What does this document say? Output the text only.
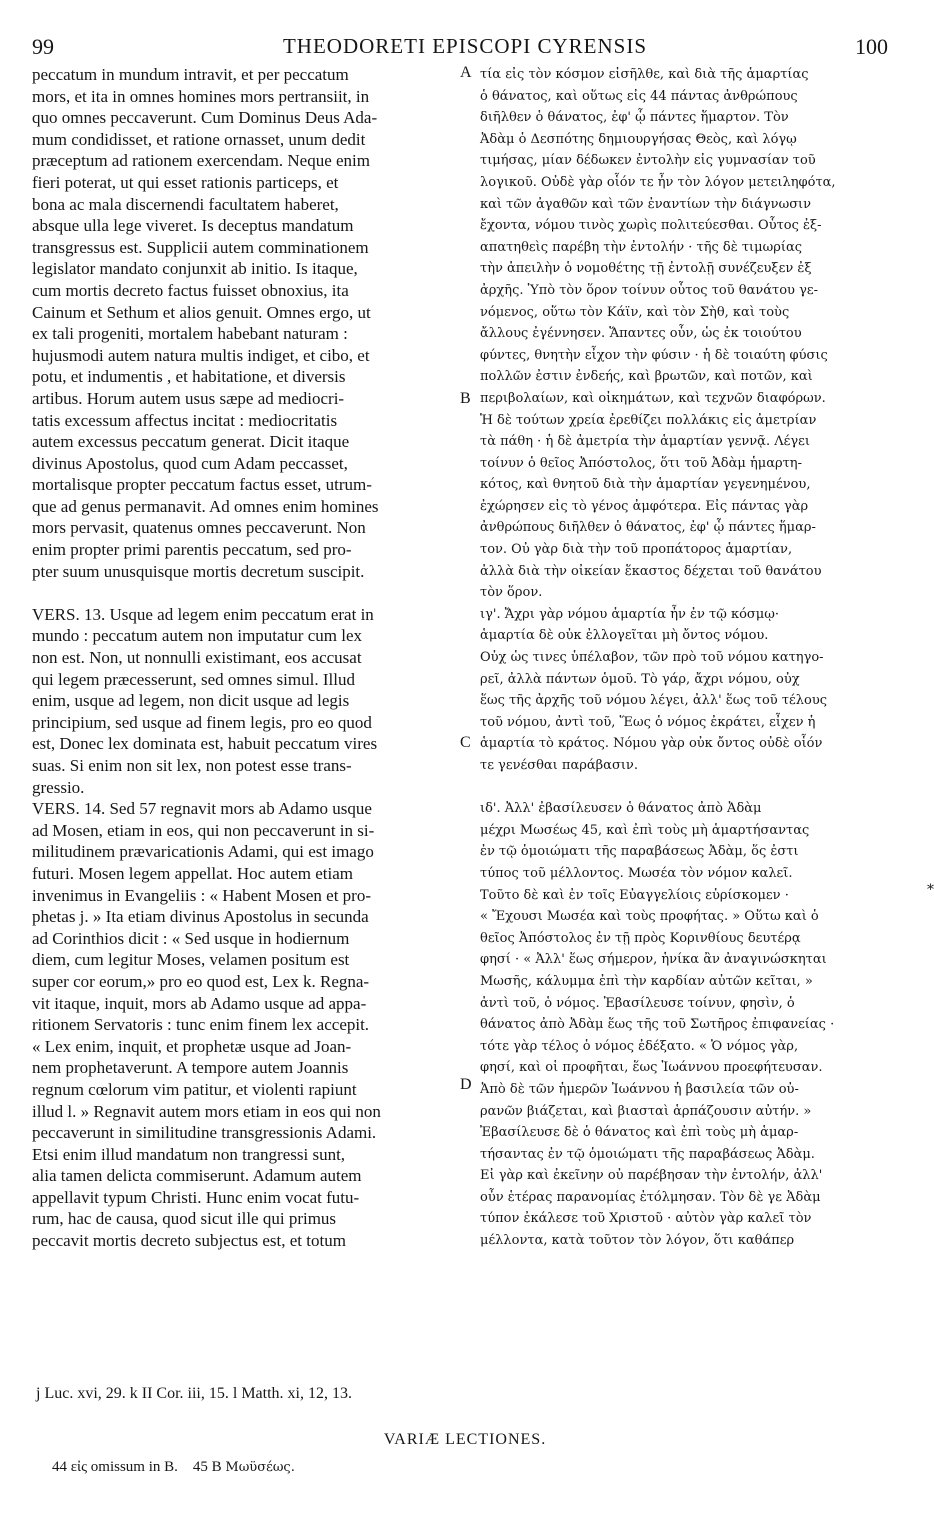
99	THEODORETI EPISCOPI CYRENSIS	100
peccatum in mundum intravit, et per peccatum
mors, et ita in omnes homines mors pertransiit, in
quo omnes peccaverunt. Cum Dominus Deus Ada-
mum condidisset, et ratione ornasset, unum dedit
præceptum ad rationem exercendam. Neque enim
fieri poterat, ut qui esset rationis particeps, et
bona ac mala discernendi facultatem haberet,
absque ulla lege viveret. Is deceptus mandatum
transgressus est. Supplicii autem comminationem
legislator mandato conjunxit ab initio. Is itaque,
cum mortis decreto factus fuisset obnoxius, ita
Cainum et Sethum et alios genuit. Omnes ergo, ut
ex tali progeniti, mortalem habebant naturam :
hujusmodi autem natura multis indiget, et cibo, et
potu, et indumentis , et habitatione, et diversis
artibus. Horum autem usus sæpe ad mediocri-
tatis excessum affectus incitat : mediocritatis
autem excessus peccatum generat. Dicit itaque
divinus Apostolus, quod cum Adam peccasset,
mortalisque propter peccatum factus esset, utrum-
que ad genus permanavit. Ad omnes enim homines
mors pervasit, quatenus omnes peccaverunt. Non
enim propter primi parentis peccatum, sed pro-
pter suum unusquisque mortis decretum suscipit.
VERS. 13. Usque ad legem enim peccatum erat in
mundo : peccatum autem non imputatur cum lex
non est. Non, ut nonnulli existimant, eos accusat
qui legem præcesserunt, sed omnes simul. Illud
enim, usque ad legem, non dicit usque ad legis
principium, sed usque ad finem legis, pro eo quod
est, Donec lex dominata est, habuit peccatum vires
suas. Si enim non sit lex, non potest esse trans-
gressio.
VERS. 14. Sed 57 regnavit mors ab Adamo usque
ad Mosen, etiam in eos, qui non peccaverunt in si-
militudinem prævaricationis Adami, qui est imago
futuri. Mosen legem appellat. Hoc autem etiam
invenimus in Evangeliis : « Habent Mosen et pro-
phetas j. » Ita etiam divinus Apostolus in secunda
ad Corinthios dicit : « Sed usque in hodiernum
diem, cum legitur Moses, velamen positum est
super cor eorum,» pro eo quod est, Lex k. Regna-
vit itaque, inquit, mors ab Adamo usque ad appa-
ritionem Servatoris : tunc enim finem lex accepit.
« Lex enim, inquit, et prophetæ usque ad Joan-
nem prophetaverunt. A tempore autem Joannis
regnum cœlorum vim patitur, et violenti rapiunt
illud l. » Regnavit autem mors etiam in eos qui non
peccaverunt in similitudine transgressionis Adami.
Etsi enim illud mandatum non trangressi sunt,
alia tamen delicta commiserunt. Adamum autem
appellavit typum Christi. Hunc enim vocat futu-
rum, hac de causa, quod sicut ille qui primus
peccavit mortis decreto subjectus est, et totum
A
B
C
D
*
τία εἰς τὸν κόσμον εἰσῆλθε, καὶ διὰ τῆς ἁμαρτίας
ὁ θάνατος, καὶ οὕτως εἰς 44 πάντας ἀνθρώπους
διῆλθεν ὁ θάνατος, ἐφ' ᾧ πάντες ἥμαρτον. Τὸν
Ἀδὰμ ὁ Δεσπότης δημιουργήσας Θεὸς, καὶ λόγῳ
τιμήσας, μίαν δέδωκεν ἐντολὴν εἰς γυμνασίαν τοῦ
λογικοῦ. Οὐδὲ γὰρ οἷόν τε ἦν τὸν λόγον μετειληφότα,
καὶ τῶν ἀγαθῶν καὶ τῶν ἐναντίων τὴν διάγνωσιν
ἔχοντα, νόμου τινὸς χωρὶς πολιτεύεσθαι. Οὗτος ἐξ-
απατηθεὶς παρέβη τὴν ἐντολήν · τῆς δὲ τιμωρίας
τὴν ἀπειλὴν ὁ νομοθέτης τῇ ἐντολῇ συνέζευξεν ἐξ
ἀρχῆς. Ὑπὸ τὸν ὅρον τοίνυν οὗτος τοῦ θανάτου γε-
νόμενος, οὕτω τὸν Κάϊν, καὶ τὸν Σὴθ, καὶ τοὺς
ἄλλους ἐγέννησεν. Ἅπαντες οὖν, ὡς ἐκ τοιούτου
φύντες, θνητὴν εἶχον τὴν φύσιν · ἡ δὲ τοιαύτη φύσις
πολλῶν ἐστιν ἐνδεής, καὶ βρωτῶν, καὶ ποτῶν, καὶ
περιβολαίων, καὶ οἰκημάτων, καὶ τεχνῶν διαφόρων.
Ἡ δὲ τούτων χρεία ἐρεθίζει πολλάκις εἰς ἀμετρίαν
τὰ πάθη · ἡ δὲ ἀμετρία τὴν ἁμαρτίαν γεννᾷ. Λέγει
τοίνυν ὁ θεῖος Ἀπόστολος, ὅτι τοῦ Ἀδὰμ ἡμαρτη-
κότος, καὶ θνητοῦ διὰ τὴν ἁμαρτίαν γεγενημένου,
ἐχώρησεν εἰς τὸ γένος ἀμφότερα. Εἰς πάντας γὰρ
ἀνθρώπους διῆλθεν ὁ θάνατος, ἐφ' ᾧ πάντες ἥμαρ-
τον. Οὐ γὰρ διὰ τὴν τοῦ προπάτορος ἁμαρτίαν,
ἀλλὰ διὰ τὴν οἰκείαν ἕκαστος δέχεται τοῦ θανάτου
τὸν ὅρον.
ιγ'. Ἄχρι γὰρ νόμου ἁμαρτία ἦν ἐν τῷ κόσμῳ·
ἁμαρτία δὲ οὐκ ἐλλογεῖται μὴ ὄντος νόμου.
Οὐχ ὡς τινες ὑπέλαβον, τῶν πρὸ τοῦ νόμου κατηγο-
ρεῖ, ἀλλὰ πάντων ὁμοῦ. Τὸ γάρ, ἄχρι νόμου, οὐχ
ἕως τῆς ἀρχῆς τοῦ νόμου λέγει, ἀλλ' ἕως τοῦ τέλους
τοῦ νόμου, ἀντὶ τοῦ, Ἕως ὁ νόμος ἐκράτει, εἶχεν ἡ
ἁμαρτία τὸ κράτος. Νόμου γὰρ οὐκ ὄντος οὐδὲ οἷόν
τε γενέσθαι παράβασιν.
ιδ'. Ἀλλ' ἐβασίλευσεν ὁ θάνατος ἀπὸ Ἀδὰμ
μέχρι Μωσέως 45, καὶ ἐπὶ τοὺς μὴ ἁμαρτήσαντας
ἐν τῷ ὁμοιώματι τῆς παραβάσεως Ἀδὰμ, ὅς ἐστι
τύπος τοῦ μέλλοντος. Μωσέα τὸν νόμον καλεῖ.
Τοῦτο δὲ καὶ ἐν τοῖς Εὐαγγελίοις εὑρίσκομεν ·
« Ἔχουσι Μωσέα καὶ τοὺς προφήτας. » Οὕτω καὶ ὁ
θεῖος Ἀπόστολος ἐν τῇ πρὸς Κορινθίους δευτέρᾳ
φησί · « Ἀλλ' ἕως σήμερον, ἡνίκα ἂν ἀναγινώσκηται
Μωσῆς, κάλυμμα ἐπὶ τὴν καρδίαν αὐτῶν κεῖται, »
ἀντὶ τοῦ, ὁ νόμος. Ἐβασίλευσε τοίνυν, φησὶν, ὁ
θάνατος ἀπὸ Ἀδὰμ ἕως τῆς τοῦ Σωτῆρος ἐπιφανείας ·
τότε γὰρ τέλος ὁ νόμος ἐδέξατο. « Ὁ νόμος γὰρ,
φησί, καὶ οἱ προφῆται, ἕως Ἰωάννου προεφήτευσαν.
Ἀπὸ δὲ τῶν ἡμερῶν Ἰωάννου ἡ βασιλεία τῶν οὐ-
ρανῶν βιάζεται, καὶ βιασταὶ ἁρπάζουσιν αὐτήν. »
Ἐβασίλευσε δὲ ὁ θάνατος καὶ ἐπὶ τοὺς μὴ ἁμαρ-
τήσαντας ἐν τῷ ὁμοιώματι τῆς παραβάσεως Ἀδὰμ.
Εἰ γὰρ καὶ ἐκεῖνην οὐ παρέβησαν τὴν ἐντολήν, ἀλλ'
οὖν ἑτέρας παρανομίας ἐτόλμησαν. Τὸν δὲ γε Ἀδὰμ
τύπον ἐκάλεσε τοῦ Χριστοῦ · αὐτὸν γὰρ καλεῖ τὸν
μέλλοντα, κατὰ τοῦτον τὸν λόγον, ὅτι καθάπερ
j Luc. xvi, 29. k II Cor. iii, 15. l Matth. xi, 12, 13.
VARIÆ LECTIONES.
44 εἰς omissum in B. 45 B Μωϋσέως.
